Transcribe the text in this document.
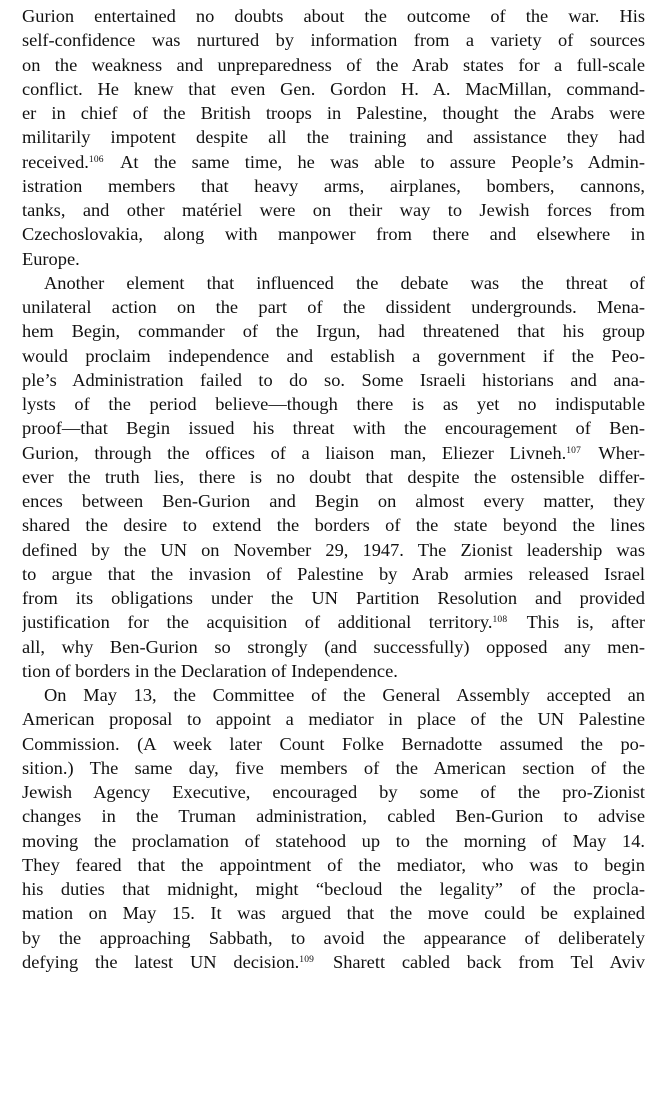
Gurion entertained no doubts about the outcome of the war. His
self-confidence was nurtured by information from a variety of sources
on the weakness and unpreparedness of the Arab states for a full-scale
conflict. He knew that even Gen. Gordon H. A. MacMillan, command-
er in chief of the British troops in Palestine, thought the Arabs were
militarily impotent despite all the training and assistance they had
received.$^{106}$ At the same time, he was able to assure People’s Admin-
istration members that heavy arms, airplanes, bombers, cannons,
tanks, and other matériel were on their way to Jewish forces from
Czechoslovakia, along with manpower from there and elsewhere in
Europe.
Another element that influenced the debate was the threat of
unilateral action on the part of the dissident undergrounds. Mena-
hem Begin, commander of the Irgun, had threatened that his group
would proclaim independence and establish a government if the Peo-
ple’s Administration failed to do so. Some Israeli historians and ana-
lysts of the period believe—though there is as yet no indisputable
proof—that Begin issued his threat with the encouragement of Ben-
Gurion, through the offices of a liaison man, Eliezer Livneh.$^{107}$ Wher-
ever the truth lies, there is no doubt that despite the ostensible differ-
ences between Ben-Gurion and Begin on almost every matter, they
shared the desire to extend the borders of the state beyond the lines
defined by the UN on November 29, 1947. The Zionist leadership was
to argue that the invasion of Palestine by Arab armies released Israel
from its obligations under the UN Partition Resolution and provided
justification for the acquisition of additional territory.$^{108}$ This is, after
all, why Ben-Gurion so strongly (and successfully) opposed any men-
tion of borders in the Declaration of Independence.
On May 13, the Committee of the General Assembly accepted an
American proposal to appoint a mediator in place of the UN Palestine
Commission. (A week later Count Folke Bernadotte assumed the po-
sition.) The same day, five members of the American section of the
Jewish Agency Executive, encouraged by some of the pro-Zionist
changes in the Truman administration, cabled Ben-Gurion to advise
moving the proclamation of statehood up to the morning of May 14.
They feared that the appointment of the mediator, who was to begin
his duties that midnight, might “becloud the legality” of the procla-
mation on May 15. It was argued that the move could be explained
by the approaching Sabbath, to avoid the appearance of deliberately
defying the latest UN decision.$^{109}$ Sharett cabled back from Tel Aviv
